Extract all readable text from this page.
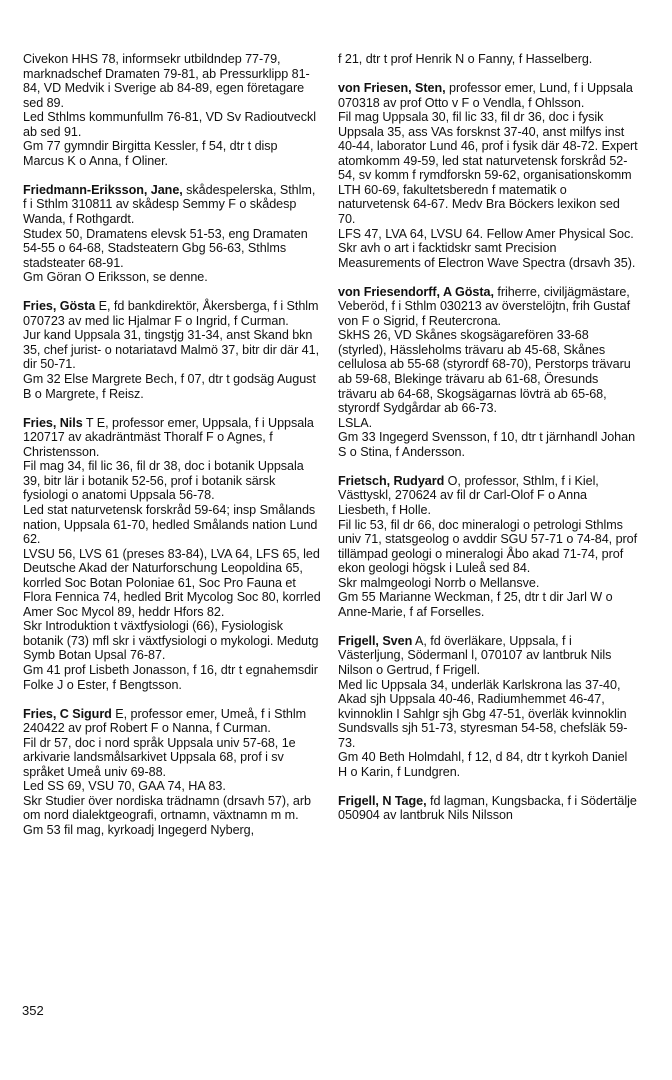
Civekon HHS 78, informsekr utbildndep 77-79, marknadschef Dramaten 79-81, ab Pressurklipp 81-84, VD Medvik i Sverige ab 84-89, egen företagare sed 89.

Led Sthlms kommunfullm 76-81, VD Sv Radioutveckl ab sed 91.

Gm 77 gymndir Birgitta Kessler, f 54, dtr t disp Marcus K o Anna, f Oliner.

Friedmann-Eriksson, Jane, skådespelerska, Sthlm, f i Sthlm 310811 av skådesp Semmy F o skådesp Wanda, f Rothgardt.

Studex 50, Dramatens elevsk 51-53, eng Dramaten 54-55 o 64-68, Stadsteatern Gbg 56-63, Sthlms stadsteater 68-91.

Gm Göran O Eriksson, se denne.

Fries, Gösta E, fd bankdirektör, Åkersberga, f i Sthlm 070723 av med lic Hjalmar F o Ingrid, f Curman.

Jur kand Uppsala 31, tingstjg 31-34, anst Skand bkn 35, chef jurist- o notariatavd Malmö 37, bitr dir där 41, dir 50-71.

Gm 32 Else Margrete Bech, f 07, dtr t godsäg August B o Margrete, f Reisz.

Fries, Nils T E, professor emer, Uppsala, f i Uppsala 120717 av akadräntmäst Thoralf F o Agnes, f Christensson.

Fil mag 34, fil lic 36, fil dr 38, doc i botanik Uppsala 39, bitr lär i botanik 52-56, prof i botanik särsk fysiologi o anatomi Uppsala 56-78.

Led stat naturvetensk forskråd 59-64; insp Smålands nation, Uppsala 61-70, hedled Smålands nation Lund 62.

LVSU 56, LVS 61 (preses 83-84), LVA 64, LFS 65, led Deutsche Akad der Naturforschung Leopoldina 65, korrled Soc Botan Poloniae 61, Soc Pro Fauna et Flora Fennica 74, hedled Brit Mycolog Soc 80, korrled Amer Soc Mycol 89, heddr Hfors 82.

Skr Introduktion t växtfysiologi (66), Fysiologisk botanik (73) mfl skr i växtfysiologi o mykologi. Medutg Symb Botan Upsal 76-87.

Gm 41 prof Lisbeth Jonasson, f 16, dtr t egnahemsdir Folke J o Ester, f Bengtsson.

Fries, C Sigurd E, professor emer, Umeå, f i Sthlm 240422 av prof Robert F o Nanna, f Curman.

Fil dr 57, doc i nord språk Uppsala univ 57-68, 1e arkivarie landsmålsarkivet Uppsala 68, prof i sv språket Umeå univ 69-88.

Led SS 69, VSU 70, GAA 74, HA 83.

Skr Studier över nordiska trädnamn (drsavh 57), arb om nord dialektgeografi, ortnamn, växtnamn m m.

Gm 53 fil mag, kyrkoadj Ingegerd Nyberg,

f 21, dtr t prof Henrik N o Fanny, f Hasselberg.

von Friesen, Sten, professor emer, Lund, f i Uppsala 070318 av prof Otto v F o Vendla, f Ohlsson.

Fil mag Uppsala 30, fil lic 33, fil dr 36, doc i fysik Uppsala 35, ass VAs forsknst 37-40, anst milfys inst 40-44, laborator Lund 46, prof i fysik där 48-72. Expert atomkomm 49-59, led stat naturvetensk forskråd 52-54, sv komm f rymdforskn 59-62, organisationskomm LTH 60-69, fakultetsberedn f matematik o naturvetensk 64-67. Medv Bra Böckers lexikon sed 70.

LFS 47, LVA 64, LVSU 64. Fellow Amer Physical Soc.

Skr avh o art i facktidskr samt Precision Measurements of Electron Wave Spectra (drsavh 35).

von Friesendorff, A Gösta, friherre, civiljägmästare, Veberöd, f i Sthlm 030213 av överstelöjtn, frih Gustaf von F o Sigrid, f Reutercrona.

SkHS 26, VD Skånes skogsägarefören 33-68 (styrled), Hässleholms trävaru ab 45-68, Skånes cellulosa ab 55-68 (styrordf 68-70), Perstorps trävaru ab 59-68, Blekinge trävaru ab 61-68, Öresunds trävaru ab 64-68, Skogsägarnas lövträ ab 65-68, styrordf Sydgårdar ab 66-73.

LSLA.

Gm 33 Ingegerd Svensson, f 10, dtr t järnhandl Johan S o Stina, f Andersson.

Frietsch, Rudyard O, professor, Sthlm, f i Kiel, Västtyskl, 270624 av fil dr Carl-Olof F o Anna Liesbeth, f Holle.

Fil lic 53, fil dr 66, doc mineralogi o petrologi Sthlms univ 71, statsgeolog o avddir SGU 57-71 o 74-84, prof tillämpad geologi o mineralogi Åbo akad 71-74, prof ekon geologi högsk i Luleå sed 84.

Skr malmgeologi Norrb o Mellansve.

Gm 55 Marianne Weckman, f 25, dtr t dir Jarl W o Anne-Marie, f af Forselles.

Frigell, Sven A, fd överläkare, Uppsala, f i Västerljung, Södermanl l, 070107 av lantbruk Nils Nilson o Gertrud, f Frigell.

Med lic Uppsala 34, underläk Karlskrona las 37-40, Akad sjh Uppsala 40-46, Radiumhemmet 46-47, kvinnoklin I Sahlgr sjh Gbg 47-51, överläk kvinnoklin Sundsvalls sjh 51-73, styresman 54-58, chefsläk 59-73.

Gm 40 Beth Holmdahl, f 12, d 84, dtr t kyrkoh Daniel H o Karin, f Lundgren.

Frigell, N Tage, fd lagman, Kungsbacka, f i Södertälje 050904 av lantbruk Nils Nilsson

352
